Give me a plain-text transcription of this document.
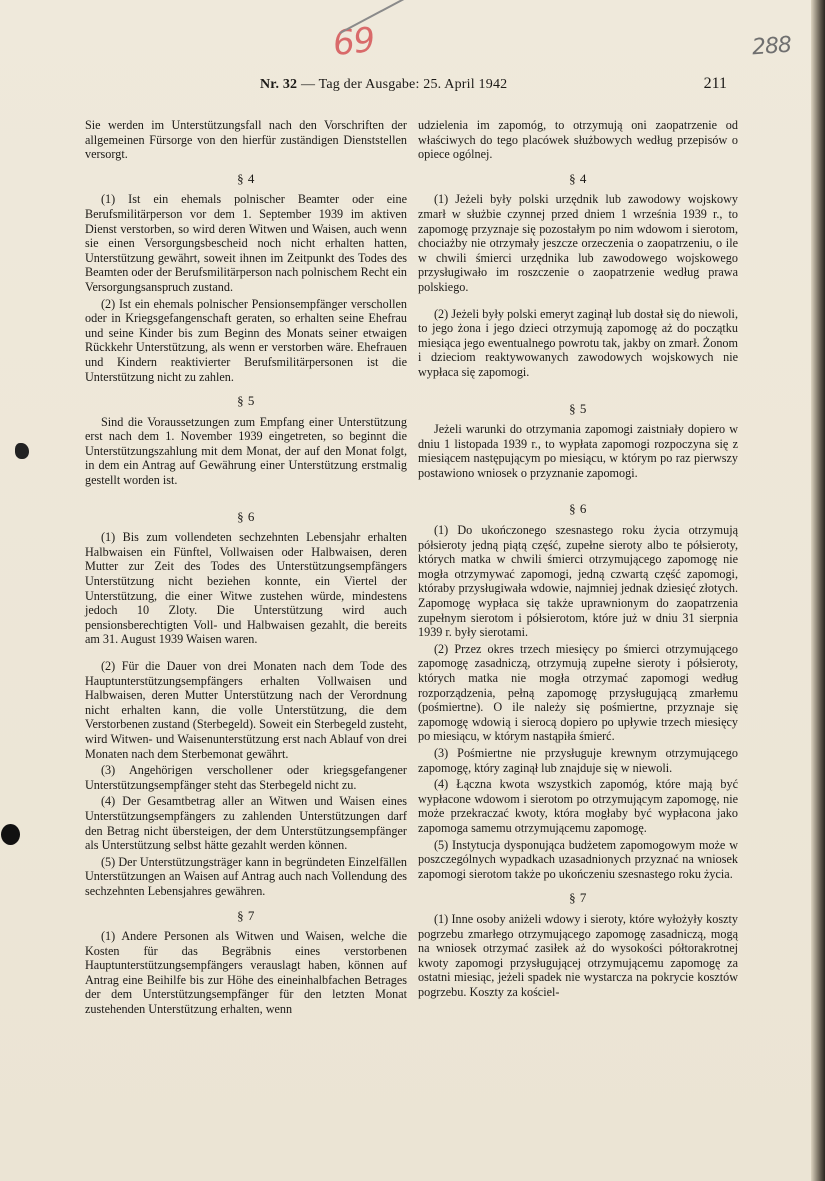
69	288
Nr. 32 — Tag der Ausgabe: 25. April 1942	211

Sie werden im Unterstützungsfall nach den Vorschriften der allgemeinen Fürsorge von den hierfür zuständigen Dienststellen versorgt.

§ 4

(1) Ist ein ehemals polnischer Beamter oder eine Berufsmilitärperson vor dem 1. September 1939 im aktiven Dienst verstorben, so wird deren Witwen und Waisen, auch wenn sie einen Versorgungsbescheid noch nicht erhalten hatten, Unterstützung gewährt, soweit ihnen im Zeitpunkt des Todes des Beamten oder der Berufsmilitärperson nach polnischem Recht ein Versorgungsanspruch zustand.

(2) Ist ein ehemals polnischer Pensionsempfänger verschollen oder in Kriegsgefangenschaft geraten, so erhalten seine Ehefrau und seine Kinder bis zum Beginn des Monats seiner etwaigen Rückkehr Unterstützung, als wenn er verstorben wäre. Ehefrauen und Kindern reaktivierter Berufsmilitärpersonen ist die Unterstützung nicht zu zahlen.

§ 5

Sind die Voraussetzungen zum Empfang einer Unterstützung erst nach dem 1. November 1939 eingetreten, so beginnt die Unterstützungszahlung mit dem Monat, der auf den Monat folgt, in dem ein Antrag auf Gewährung einer Unterstützung erstmalig gestellt worden ist.

§ 6

(1) Bis zum vollendeten sechzehnten Lebensjahr erhalten Halbwaisen ein Fünftel, Vollwaisen oder Halbwaisen, deren Mutter zur Zeit des Todes des Unterstützungsempfängers Unterstützung nicht beziehen konnte, ein Viertel der Unterstützung, die einer Witwe zustehen würde, mindestens jedoch 10 Zloty. Die Unterstützung wird auch pensionsberechtigten Voll- und Halbwaisen gezahlt, die bereits am 31. August 1939 Waisen waren.

(2) Für die Dauer von drei Monaten nach dem Tode des Hauptunterstützungsempfängers erhalten Vollwaisen und Halbwaisen, deren Mutter Unterstützung nach der Verordnung nicht erhalten kann, die volle Unterstützung, die dem Verstorbenen zustand (Sterbegeld). Soweit ein Sterbegeld zusteht, wird Witwen- und Waisenunterstützung erst nach Ablauf von drei Monaten nach dem Sterbemonat gewährt.

(3) Angehörigen verschollener oder kriegsgefangener Unterstützungsempfänger steht das Sterbegeld nicht zu.

(4) Der Gesamtbetrag aller an Witwen und Waisen eines Unterstützungsempfängers zu zahlenden Unterstützungen darf den Betrag nicht übersteigen, der dem Unterstützungsempfänger als Unterstützung selbst hätte gezahlt werden können.

(5) Der Unterstützungsträger kann in begründeten Einzelfällen Unterstützungen an Waisen auf Antrag auch nach Vollendung des sechzehnten Lebensjahres gewähren.

§ 7

(1) Andere Personen als Witwen und Waisen, welche die Kosten für das Begräbnis eines verstorbenen Hauptunterstützungsempfängers verauslagt haben, können auf Antrag eine Beihilfe bis zur Höhe des eineinhalbfachen Betrages der dem Unterstützungsempfänger für den letzten Monat zustehenden Unterstützung erhalten, wenn

udzielenia im zapomóg, to otrzymują oni zaopatrzenie od właściwych do tego placówek służbowych według przepisów o opiece ogólnej.

§ 4

(1) Jeżeli były polski urzędnik lub zawodowy wojskowy zmarł w służbie czynnej przed dniem 1 września 1939 r., to zapomogę przyznaje się pozostałym po nim wdowom i sierotom, chociażby nie otrzymały jeszcze orzeczenia o zaopatrzeniu, o ile w chwili śmierci urzędnika lub zawodowego wojskowego przysługiwało im roszczenie o zaopatrzenie według prawa polskiego.

(2) Jeżeli były polski emeryt zaginął lub dostał się do niewoli, to jego żona i jego dzieci otrzymują zapomogę aż do początku miesiąca jego ewentualnego powrotu tak, jakby on zmarł. Żonom i dzieciom reaktywowanych zawodowych wojskowych nie wypłaca się zapomogi.

§ 5

Jeżeli warunki do otrzymania zapomogi zaistniały dopiero w dniu 1 listopada 1939 r., to wypłata zapomogi rozpoczyna się z miesiącem następującym po miesiącu, w którym po raz pierwszy postawiono wniosek o przyznanie zapomogi.

§ 6

(1) Do ukończonego szesnastego roku życia otrzymują półsieroty jedną piątą część, zupełne sieroty albo te półsieroty, których matka w chwili śmierci otrzymującego zapomogę nie mogła otrzymywać zapomogi, jedną czwartą część zapomogi, któraby przysługiwała wdowie, najmniej jednak dziesięć złotych. Zapomogę wypłaca się także uprawnionym do zaopatrzenia zupełnym sierotom i półsierotom, które już w dniu 31 sierpnia 1939 r. były sierotami.

(2) Przez okres trzech miesięcy po śmierci otrzymującego zapomogę zasadniczą, otrzymują zupełne sieroty i półsieroty, których matka nie mogła otrzymać zapomogi według rozporządzenia, pełną zapomogę przysługującą zmarłemu (pośmiertne). O ile należy się pośmiertne, przyznaje się zapomogę wdowią i sierocą dopiero po upływie trzech miesięcy po miesiącu, w którym nastąpiła śmierć.

(3) Pośmiertne nie przysługuje krewnym otrzymującego zapomogę, który zaginął lub znajduje się w niewoli.

(4) Łączna kwota wszystkich zapomóg, które mają być wypłacone wdowom i sierotom po otrzymującym zapomogę, nie może przekraczać kwoty, która mogłaby być wypłacona jako zapomoga samemu otrzymującemu zapomogę.

(5) Instytucja dysponująca budżetem zapomogowym może w poszczególnych wypadkach uzasadnionych przyznać na wniosek zapomogi sierotom także po ukończeniu szesnastego roku życia.

§ 7

(1) Inne osoby aniżeli wdowy i sieroty, które wyłożyły koszty pogrzebu zmarłego otrzymującego zapomogę zasadniczą, mogą na wniosek otrzymać zasiłek aż do wysokości półtorakrotnej kwoty zapomogi przysługującej otrzymującemu zapomogę za ostatni miesiąc, jeżeli spadek nie wystarcza na pokrycie kosztów pogrzebu. Koszty za kościel-
